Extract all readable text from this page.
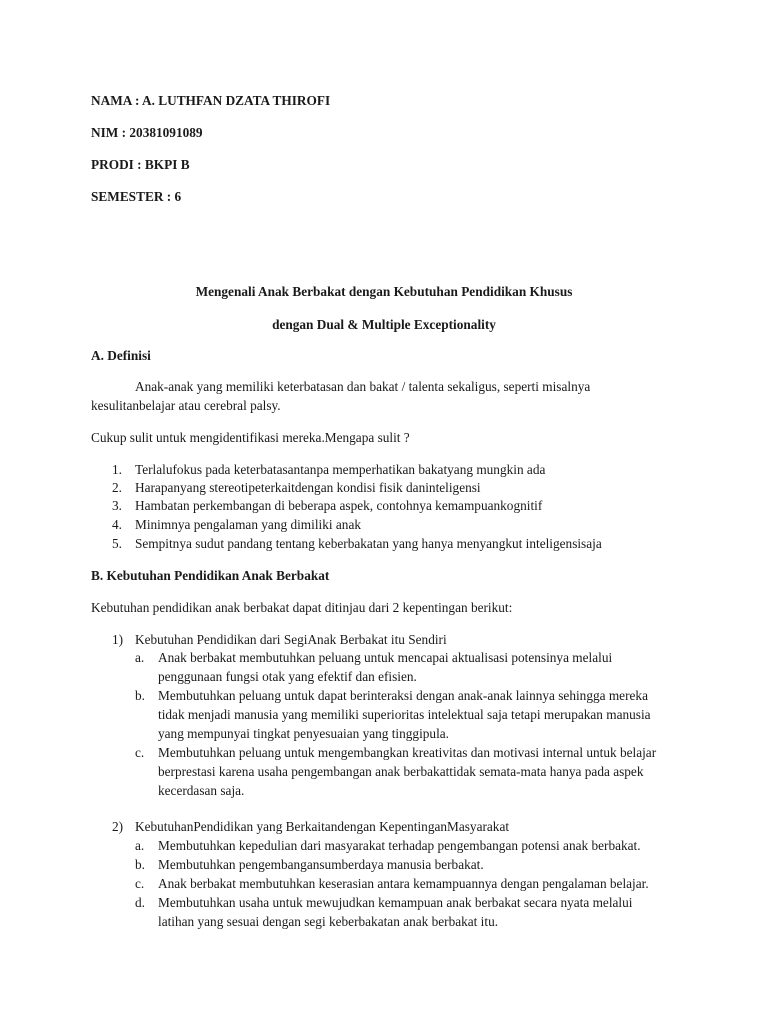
NAMA : A. LUTHFAN DZATA THIROFI

NIM : 20381091089

PRODI : BKPI B

SEMESTER : 6

Mengenali Anak Berbakat dengan Kebutuhan Pendidikan Khusus

dengan Dual & Multiple Exceptionality

A. Definisi

Anak-anak yang memiliki keterbatasan dan bakat / talenta sekaligus, seperti misalnya

kesulitanbelajar atau cerebral palsy.

Cukup sulit untuk mengidentifikasi mereka.Mengapa sulit ?

1. Terlalufokus pada keterbatasantanpa memperhatikan bakatyang mungkin ada
2. Harapanyang stereotipeterkaitdengan kondisi fisik daninteligensi
3. Hambatan perkembangan di beberapa aspek, contohnya kemampuankognitif
4. Minimnya pengalaman yang dimiliki anak
5. Sempitnya sudut pandang tentang keberbakatan yang hanya menyangkut inteligensisaja

B. Kebutuhan Pendidikan Anak Berbakat

Kebutuhan pendidikan anak berbakat dapat ditinjau dari 2 kepentingan berikut:

1) Kebutuhan Pendidikan dari SegiAnak Berbakat itu Sendiri
a. Anak berbakat membutuhkan peluang untuk mencapai aktualisasi potensinya melalui
penggunaan fungsi otak yang efektif dan efisien.
b. Membutuhkan peluang untuk dapat berinteraksi dengan anak-anak lainnya sehingga mereka
tidak menjadi manusia yang memiliki superioritas intelektual saja tetapi merupakan manusia
yang mempunyai tingkat penyesuaian yang tinggipula.
c. Membutuhkan peluang untuk mengembangkan kreativitas dan motivasi internal untuk belajar
berprestasi karena usaha pengembangan anak berbakattidak semata-mata hanya pada aspek
kecerdasan saja.
2) KebutuhanPendidikan yang Berkaitandengan KepentinganMasyarakat
a. Membutuhkan kepedulian dari masyarakat terhadap pengembangan potensi anak berbakat.
b. Membutuhkan pengembangansumberdaya manusia berbakat.
c. Anak berbakat membutuhkan keserasian antara kemampuannya dengan pengalaman belajar.
d. Membutuhkan usaha untuk mewujudkan kemampuan anak berbakat secara nyata melalui
latihan yang sesuai dengan segi keberbakatan anak berbakat itu.
